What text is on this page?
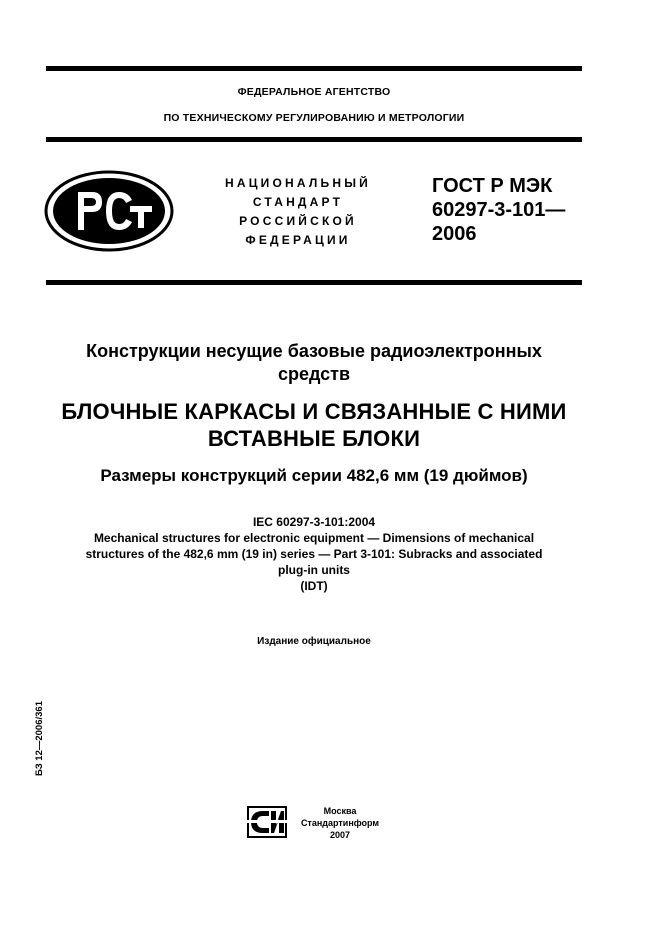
ФЕДЕРАЛЬНОЕ АГЕНТСТВО
ПО ТЕХНИЧЕСКОМУ РЕГУЛИРОВАНИЮ И МЕТРОЛОГИИ
НАЦИОНАЛЬНЫЙ
СТАНДАРТ
РОССИЙСКОЙ
ФЕДЕРАЦИИ
ГОСТ Р МЭК
60297-3-101—
2006
Конструкции несущие базовые радиоэлектронных
средств
БЛОЧНЫЕ КАРКАСЫ И СВЯЗАННЫЕ С НИМИ
ВСТАВНЫЕ БЛОКИ
Размеры конструкций серии 482,6 мм (19 дюймов)
IEC 60297-3-101:2004
Mechanical structures for electronic equipment — Dimensions of mechanical
structures of the 482,6 mm (19 in) series — Part 3-101: Subracks and associated
plug-in units
(IDT)
Издание официальное
БЗ 12—2006/361
Москва
Стандартинформ
2007
